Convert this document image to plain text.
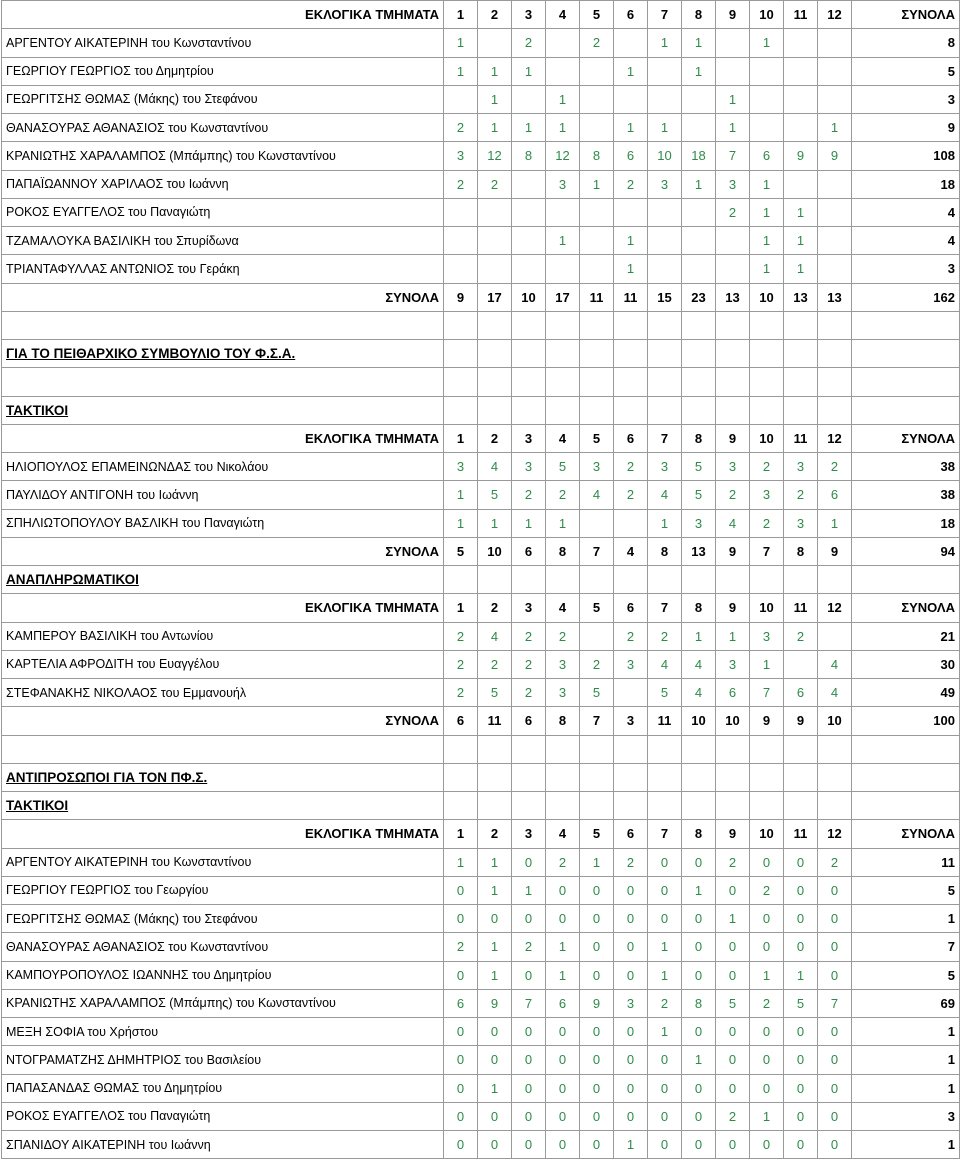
ΕΚΛΟΓΙΚΑ ΤΜΗΜΑΤΑ	1	2	3	4	5	6	7	8	9	10	11	12	ΣΥΝΟΛΑ
ΑΡΓΕΝΤΟΥ ΑΙΚΑΤΕΡΙΝΗ του Κωνσταντίνου	1		2		2		1	1		1			8
ΓΕΩΡΓΙΟΥ ΓΕΩΡΓΙΟΣ του Δημητρίου	1	1	1			1		1					5
ΓΕΩΡΓΙΤΣΗΣ ΘΩΜΑΣ (Μάκης) του Στεφάνου		1		1					1				3
ΘΑΝΑΣΟΥΡΑΣ ΑΘΑΝΑΣΙΟΣ του Κωνσταντίνου	2	1	1	1		1	1		1			1	9
ΚΡΑΝΙΩΤΗΣ ΧΑΡΑΛΑΜΠΟΣ (Μπάμπης) του Κωνσταντίνου	3	12	8	12	8	6	10	18	7	6	9	9	108
ΠΑΠΑΪΩΑΝΝΟΥ ΧΑΡΙΛΑΟΣ του Ιωάννη	2	2		3	1	2	3	1	3	1			18
ΡΟΚΟΣ ΕΥΑΓΓΕΛΟΣ του Παναγιώτη									2	1	1		4
ΤΖΑΜΑΛΟΥΚΑ ΒΑΣΙΛΙΚΗ του Σπυρίδωνα				1		1				1	1		4
ΤΡΙΑΝΤΑΦΥΛΛΑΣ ΑΝΤΩΝΙΟΣ του Γεράκη						1				1	1		3
ΣΥΝΟΛΑ	9	17	10	17	11	11	15	23	13	10	13	13	162

ΓΙΑ ΤΟ ΠΕΙΘΑΡΧΙΚΟ ΣΥΜΒΟΥΛΙΟ ΤΟΥ Φ.Σ.Α.													

ΤΑΚΤΙΚΟΙ													
ΕΚΛΟΓΙΚΑ ΤΜΗΜΑΤΑ	1	2	3	4	5	6	7	8	9	10	11	12	ΣΥΝΟΛΑ
ΗΛΙΟΠΟΥΛΟΣ ΕΠΑΜΕΙΝΩΝΔΑΣ του Νικολάου	3	4	3	5	3	2	3	5	3	2	3	2	38
ΠΑΥΛΙΔΟΥ ΑΝΤΙΓΟΝΗ του Ιωάννη	1	5	2	2	4	2	4	5	2	3	2	6	38
ΣΠΗΛΙΩΤΟΠΟΥΛΟΥ ΒΑΣΛΙΚΗ του Παναγιώτη	1	1	1	1			1	3	4	2	3	1	18
ΣΥΝΟΛΑ	5	10	6	8	7	4	8	13	9	7	8	9	94
ΑΝΑΠΛΗΡΩΜΑΤΙΚΟΙ													
ΕΚΛΟΓΙΚΑ ΤΜΗΜΑΤΑ	1	2	3	4	5	6	7	8	9	10	11	12	ΣΥΝΟΛΑ
ΚΑΜΠΕΡΟΥ ΒΑΣΙΛΙΚΗ του Αντωνίου	2	4	2	2		2	2	1	1	3	2		21
ΚΑΡΤΕΛΙΑ ΑΦΡΟΔΙΤΗ του Ευαγγέλου	2	2	2	3	2	3	4	4	3	1		4	30
ΣΤΕΦΑΝΑΚΗΣ ΝΙΚΟΛΑΟΣ του Εμμανουήλ	2	5	2	3	5		5	4	6	7	6	4	49
ΣΥΝΟΛΑ	6	11	6	8	7	3	11	10	10	9	9	10	100

ΑΝΤΙΠΡΟΣΩΠΟΙ ΓΙΑ ΤΟΝ ΠΦ.Σ.													
ΤΑΚΤΙΚΟΙ													
ΕΚΛΟΓΙΚΑ ΤΜΗΜΑΤΑ	1	2	3	4	5	6	7	8	9	10	11	12	ΣΥΝΟΛΑ
ΑΡΓΕΝΤΟΥ ΑΙΚΑΤΕΡΙΝΗ του Κωνσταντίνου	1	1	0	2	1	2	0	0	2	0	0	2	11
ΓΕΩΡΓΙΟΥ ΓΕΩΡΓΙΟΣ του Γεωργίου	0	1	1	0	0	0	0	1	0	2	0	0	5
ΓΕΩΡΓΙΤΣΗΣ ΘΩΜΑΣ (Μάκης) του Στεφάνου	0	0	0	0	0	0	0	0	1	0	0	0	1
ΘΑΝΑΣΟΥΡΑΣ ΑΘΑΝΑΣΙΟΣ του Κωνσταντίνου	2	1	2	1	0	0	1	0	0	0	0	0	7
ΚΑΜΠΟΥΡΟΠΟΥΛΟΣ ΙΩΑΝΝΗΣ του Δημητρίου	0	1	0	1	0	0	1	0	0	1	1	0	5
ΚΡΑΝΙΩΤΗΣ ΧΑΡΑΛΑΜΠΟΣ (Μπάμπης) του Κωνσταντίνου	6	9	7	6	9	3	2	8	5	2	5	7	69
ΜΕΞΗ ΣΟΦΙΑ του Χρήστου	0	0	0	0	0	0	1	0	0	0	0	0	1
ΝΤΟΓΡΑΜΑΤΖΗΣ ΔΗΜΗΤΡΙΟΣ του Βασιλείου	0	0	0	0	0	0	0	1	0	0	0	0	1
ΠΑΠΑΣΑΝΔΑΣ ΘΩΜΑΣ του Δημητρίου	0	1	0	0	0	0	0	0	0	0	0	0	1
ΡΟΚΟΣ ΕΥΑΓΓΕΛΟΣ του Παναγιώτη	0	0	0	0	0	0	0	0	2	1	0	0	3
ΣΠΑΝΙΔΟΥ ΑΙΚΑΤΕΡΙΝΗ του Ιωάννη	0	0	0	0	0	1	0	0	0	0	0	0	1
